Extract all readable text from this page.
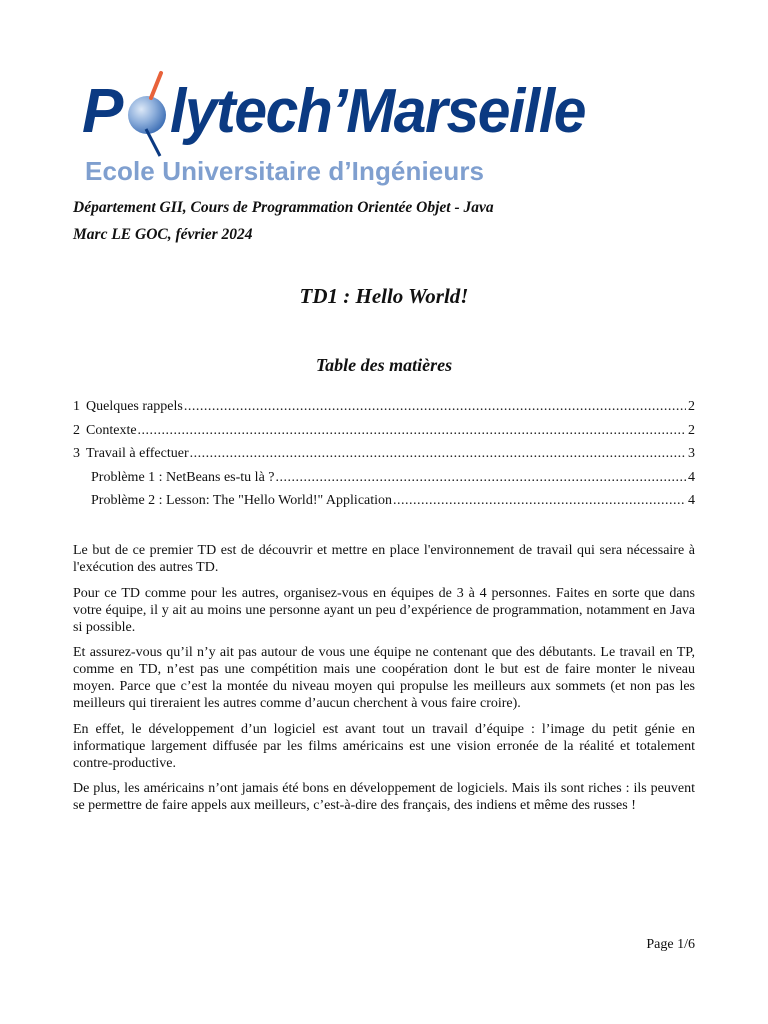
P lytech’Marseille
Ecole Universitaire d’Ingénieurs
Département GII, Cours de Programmation Orientée Objet - Java
Marc LE GOC, février 2024
TD1 : Hello World!
Table des matières
1 Quelques rappels .....	2
2 Contexte .....	2
3 Travail à effectuer .....	3
Problème 1 : NetBeans es-tu là ? .....	4
Problème 2 : Lesson: The "Hello World!" Application .....	4

Le but de ce premier TD est de découvrir et mettre en place l'environnement de travail qui sera nécessaire à l'exécution des autres TD.

Pour ce TD comme pour les autres, organisez-vous en équipes de 3 à 4 personnes. Faites en sorte que dans votre équipe, il y ait au moins une personne ayant un peu d’expérience de programmation, notamment en Java si possible.

Et assurez-vous qu’il n’y ait pas autour de vous une équipe ne contenant que des débutants. Le travail en TP, comme en TD, n’est pas une compétition mais une coopération dont le but est de faire monter le niveau moyen. Parce que c’est la montée du niveau moyen qui propulse les meilleurs aux sommets (et non pas les meilleurs qui tireraient les autres comme d’aucun cherchent à vous faire croire).

En effet, le développement d’un logiciel est avant tout un travail d’équipe : l’image du petit génie en informatique largement diffusée par les films américains est une vision erronée de la réalité et totalement contre-productive.

De plus, les américains n’ont jamais été bons en développement de logiciels. Mais ils sont riches : ils peuvent se permettre de faire appels aux meilleurs, c’est-à-dire des français, des indiens et même des russes !

Page 1/6
